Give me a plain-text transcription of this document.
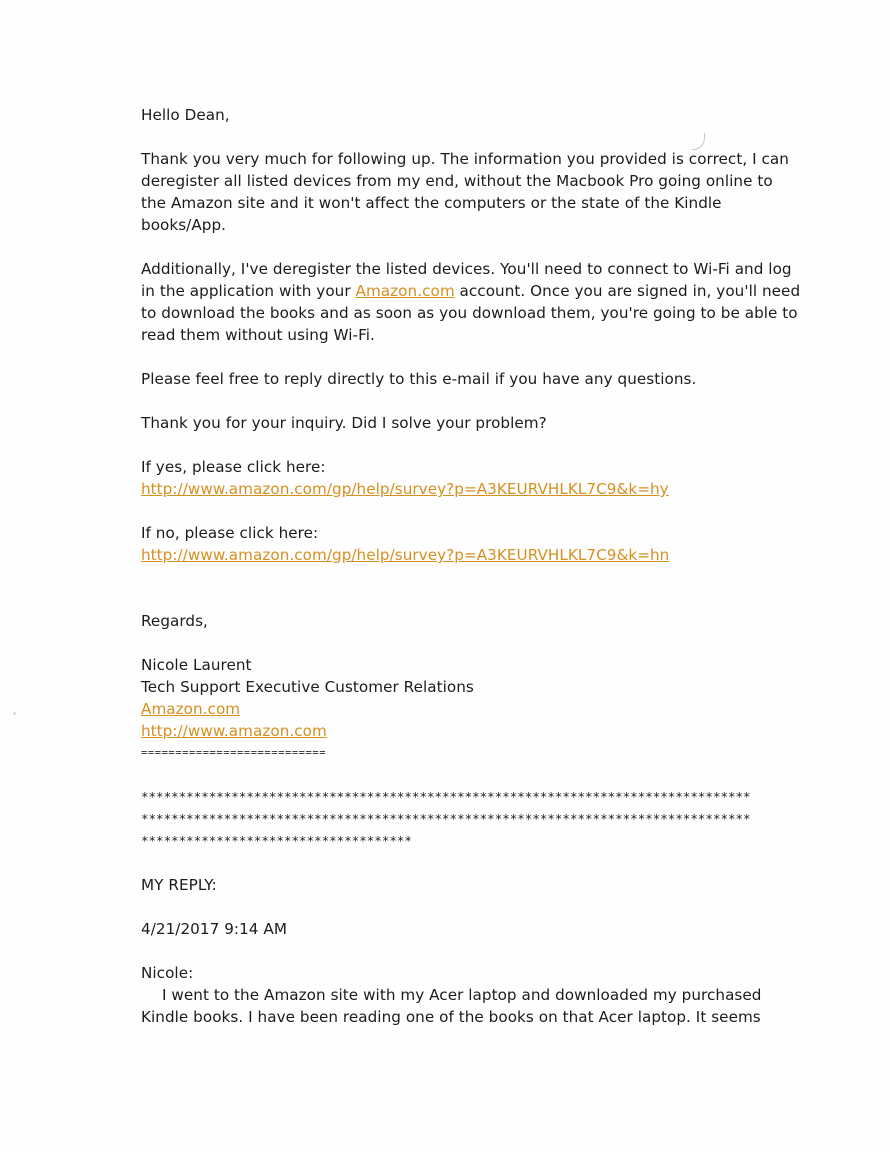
Hello Dean,

Thank you very much for following up. The information you provided is correct, I can deregister all listed devices from my end, without the Macbook Pro going online to the Amazon site and it won't affect the computers or the state of the Kindle books/App.

Additionally, I've deregister the listed devices. You'll need to connect to Wi-Fi and log in the application with your Amazon.com account. Once you are signed in, you'll need to download the books and as soon as you download them, you're going to be able to read them without using Wi-Fi.

Please feel free to reply directly to this e-mail if you have any questions.

Thank you for your inquiry. Did I solve your problem?

If yes, please click here:
http://www.amazon.com/gp/help/survey?p=A3KEURVHLKL7C9&k=hy

If no, please click here:
http://www.amazon.com/gp/help/survey?p=A3KEURVHLKL7C9&k=hn

Regards,

Nicole Laurent
Tech Support Executive Customer Relations
Amazon.com
http://www.amazon.com
===========================
*********************************************************************************
*********************************************************************************
************************************

MY REPLY:

4/21/2017 9:14 AM

Nicole:
I went to the Amazon site with my Acer laptop and downloaded my purchased
Kindle books. I have been reading one of the books on that Acer laptop. It seems
